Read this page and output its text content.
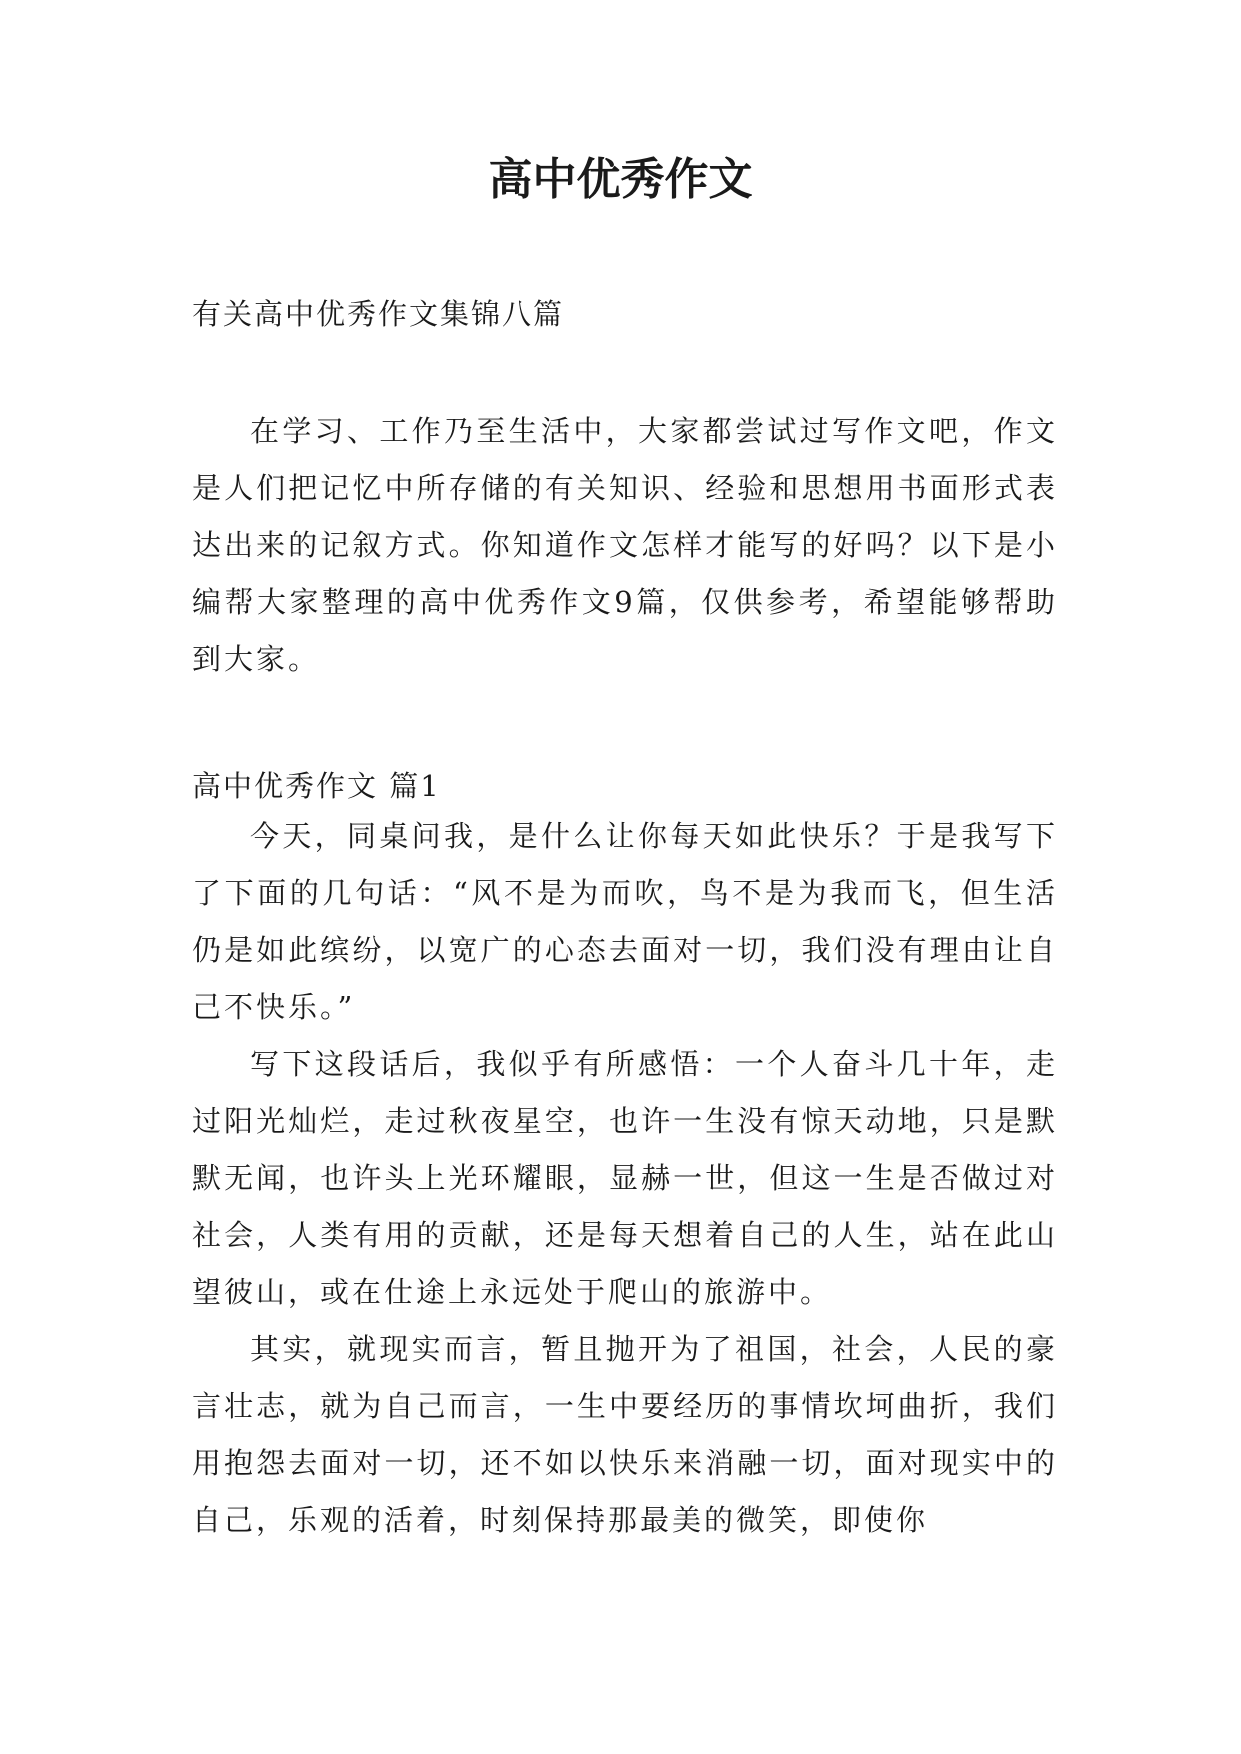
高中优秀作文
有关高中优秀作文集锦八篇

在学习、工作乃至生活中，大家都尝试过写作文吧，作文是人们把记忆中所存储的有关知识、经验和思想用书面形式表达出来的记叙方式。你知道作文怎样才能写的好吗？以下是小编帮大家整理的高中优秀作文9篇，仅供参考，希望能够帮助到大家。

高中优秀作文 篇1

今天，同桌问我，是什么让你每天如此快乐？于是我写下了下面的几句话：“风不是为而吹，鸟不是为我而飞，但生活仍是如此缤纷，以宽广的心态去面对一切，我们没有理由让自己不快乐。”

写下这段话后，我似乎有所感悟：一个人奋斗几十年，走过阳光灿烂，走过秋夜星空，也许一生没有惊天动地，只是默默无闻，也许头上光环耀眼，显赫一世，但这一生是否做过对社会，人类有用的贡献，还是每天想着自己的人生，站在此山望彼山，或在仕途上永远处于爬山的旅游中。

其实，就现实而言，暂且抛开为了祖国，社会，人民的豪言壮志，就为自己而言，一生中要经历的事情坎坷曲折，我们用抱怨去面对一切，还不如以快乐来消融一切，面对现实中的自己，乐观的活着，时刻保持那最美的微笑，即使你
